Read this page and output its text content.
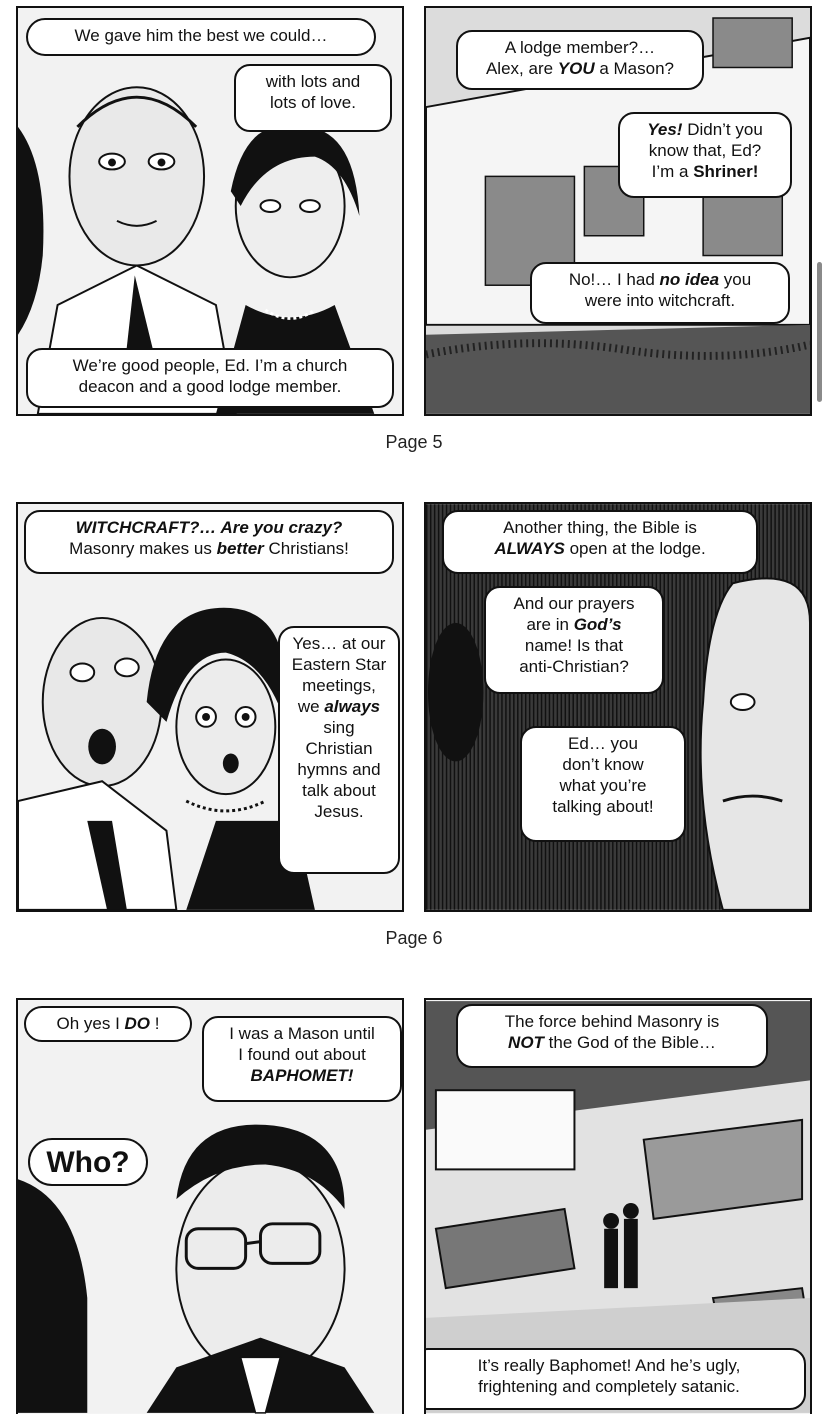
We gave him the best we could…
with lots and
lots of love.
We’re good people, Ed. I’m a church
deacon and a good lodge member.
A lodge member?…
Alex, are YOU a Mason?
Yes! Didn’t you
know that, Ed?
I’m a Shriner!
No!… I had no idea you
were into witchcraft.
Page 5
WITCHCRAFT?… Are you crazy?
Masonry makes us better Christians!
Yes… at our
Eastern Star
meetings,
we always
sing
Christian
hymns and
talk about
Jesus.
Another thing, the Bible is
ALWAYS open at the lodge.
And our prayers
are in God’s
name! Is that
anti-Christian?
Ed… you
don’t know
what you’re
talking about!
Page 6
Oh yes I DO !
I was a Mason until
I found out about
BAPHOMET!
Who?
The force behind Masonry is
NOT the God of the Bible…
It’s really Baphomet! And he’s ugly,
frightening and completely satanic.
